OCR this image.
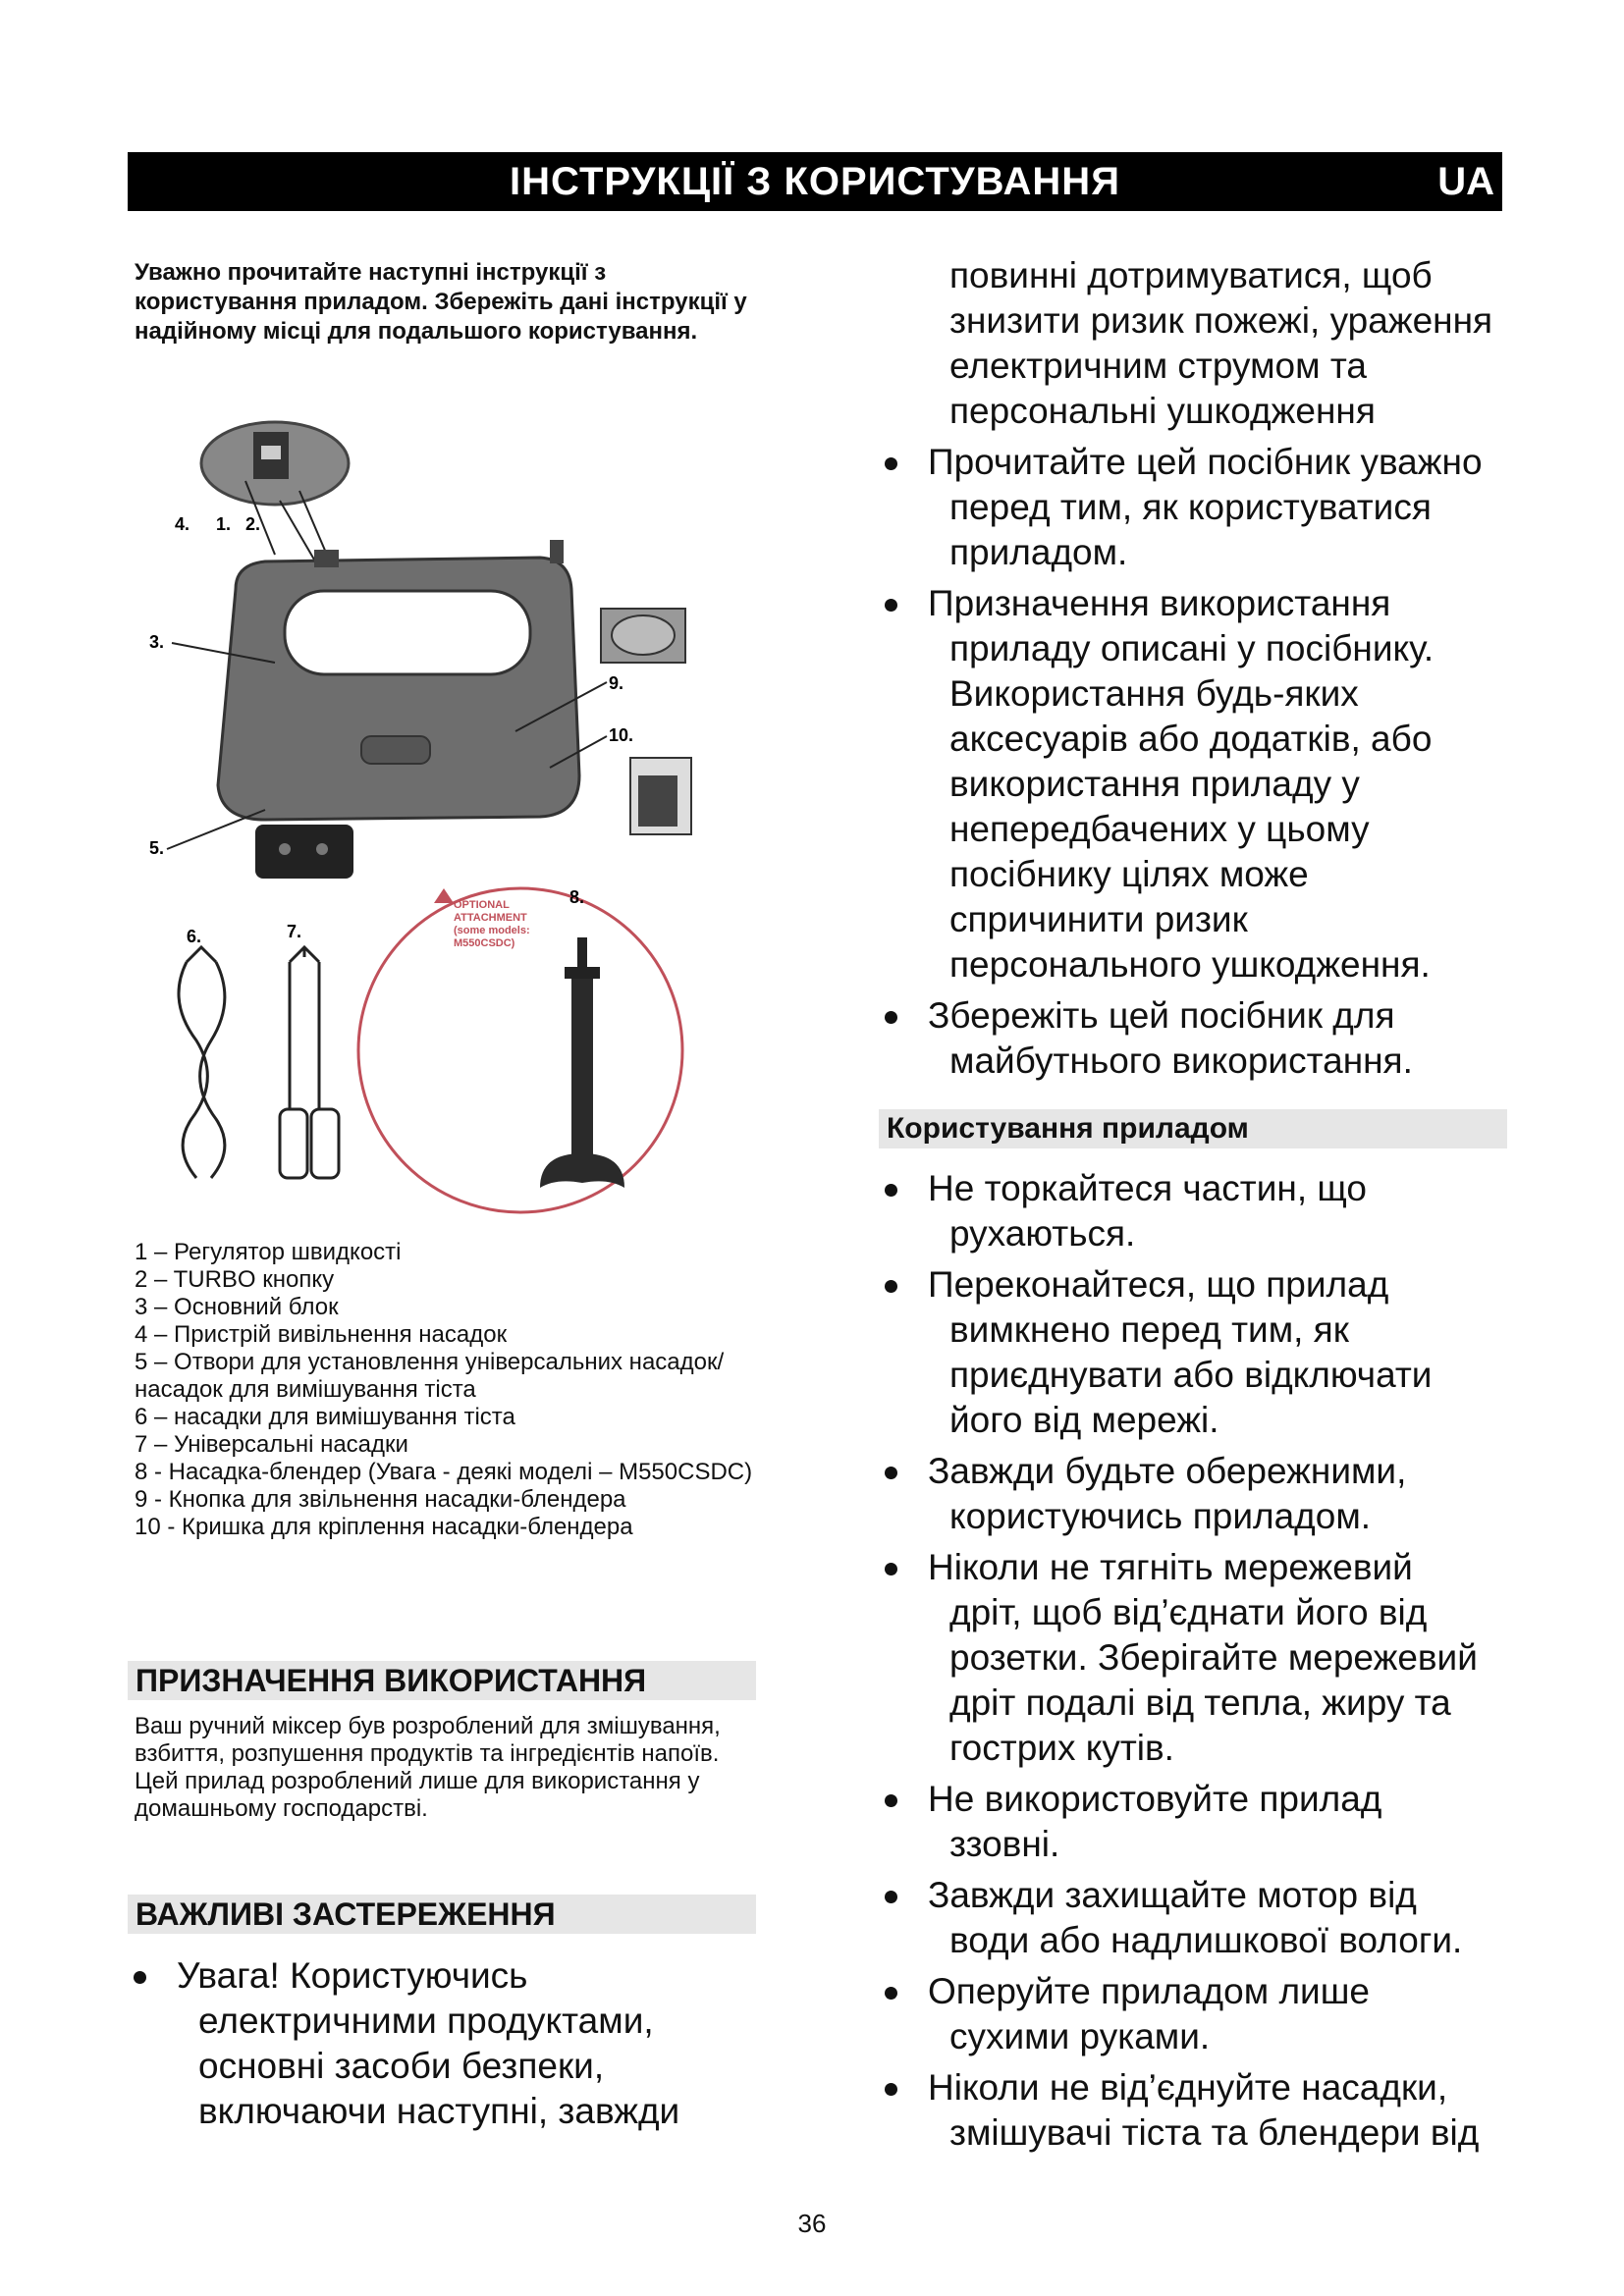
ІНСТРУКЦІЇ З КОРИСТУВАННЯ	UA
Уважно прочитайте наступні інструкції з користування приладом. Збережіть дані інструкції у надійному місці для подальшого користування.
4. 1. 2.
3.
9.
10.
5.
6.	7.
OPTIONAL
ATTACHMENT
(some models:
M550CSDC)
8.
1 – Регулятор швидкості
2 – TURBO кнопку
3 – Основний блок
4 – Пристрій вивільнення насадок
5 – Отвори для установлення універсальних насадок/насадок для вимішування тіста
6 – насадки для вимішування тіста
7 – Універсальні насадки
8 - Насадка-блендер (Увага - деякі моделі – M550CSDC)
9 - Кнопка для звільнення насадки-блендера
10 - Кришка для кріплення насадки-блендера
ПРИЗНАЧЕННЯ ВИКОРИСТАННЯ
Ваш ручний міксер був розроблений для змішування, взбиття, розпушення продуктів та інгредієнтів напоїв. Цей прилад розроблений лише для використання у домашньому господарстві.
ВАЖЛИВІ ЗАСТЕРЕЖЕННЯ
Увага! Користуючись
електричними продуктами,
основні засоби безпеки,
включаючи наступні, завжди
повинні дотримуватися, щоб
знизити ризик пожежі, ураження
електричним струмом та
персональні ушкодження
Прочитайте цей посібник уважно
перед тим, як користуватися
приладом.
Призначення використання
приладу описані у посібнику.
Використання будь-яких
аксесуарів або додатків, або
використання приладу у
непередбачених у цьому
посібнику цілях може
спричинити ризик
персонального ушкодження.
Збережіть цей посібник для
майбутнього використання.
Користування приладом
Не торкайтеся частин, що
рухаються.
Переконайтеся, що прилад
вимкнено перед тим, як
приєднувати або відключати
його від мережі.
Завжди будьте обережними,
користуючись приладом.
Ніколи не тягніть мережевий
дріт, щоб від’єднати його від
розетки. Зберігайте мережевий
дріт подалі від тепла, жиру та
гострих кутів.
Не використовуйте прилад
ззовні.
Завжди захищайте мотор від
води або надлишкової вологи.
Оперуйте приладом лише
сухими руками.
Ніколи не від’єднуйте насадки,
змішувачі тіста та блендери від
36
